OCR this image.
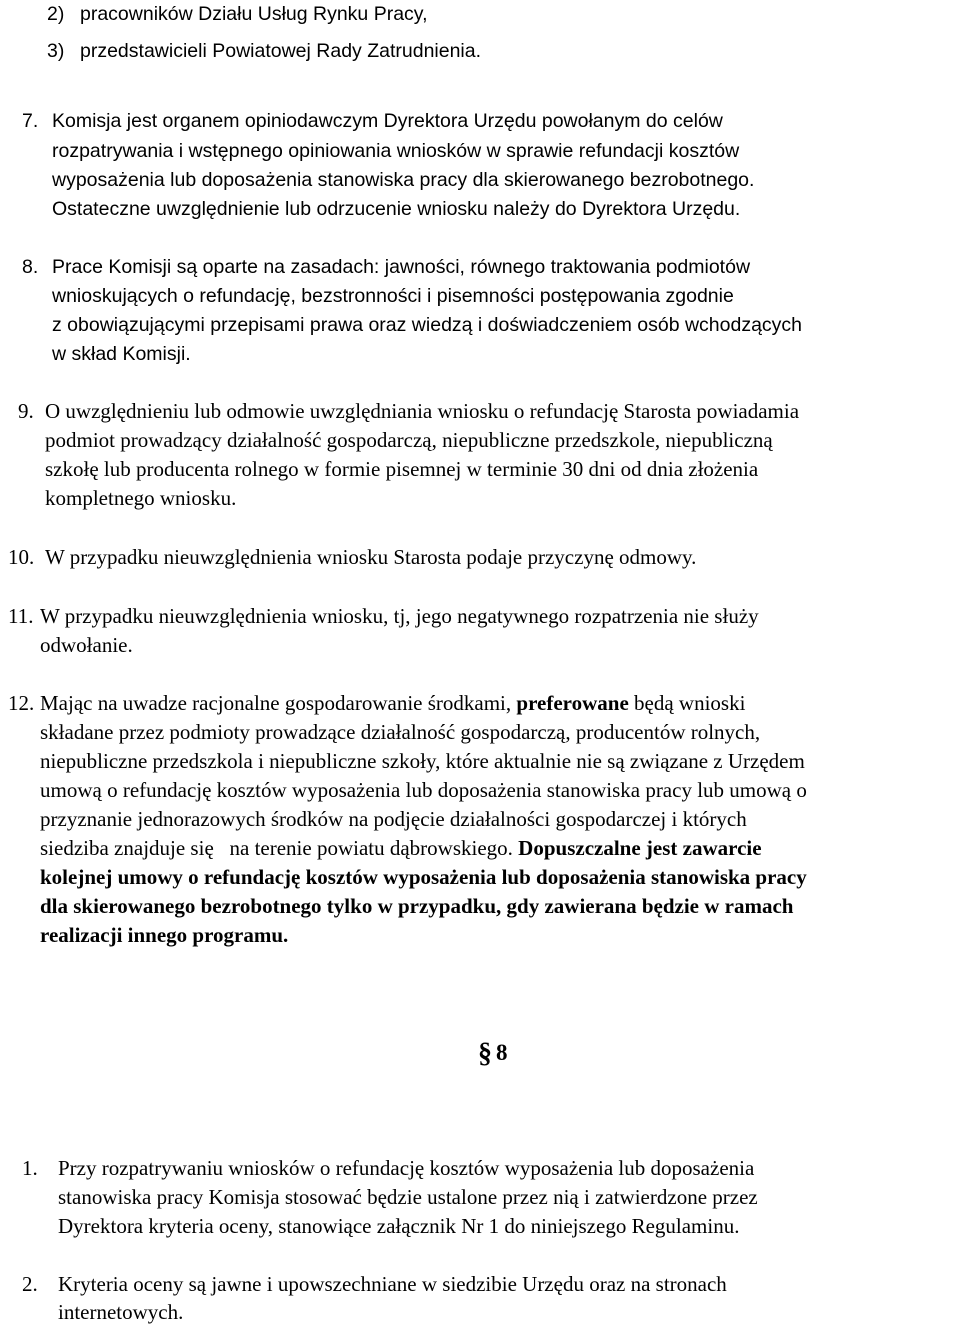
2) pracowników Działu Usług Rynku Pracy,
3) przedstawicieli Powiatowej Rady Zatrudnienia.
7. Komisja jest organem opiniodawczym Dyrektora Urzędu powołanym do celów
rozpatrywania i wstępnego opiniowania wniosków w sprawie refundacji kosztów
wyposażenia lub doposażenia stanowiska pracy dla skierowanego bezrobotnego.
Ostateczne uwzględnienie lub odrzucenie wniosku należy do Dyrektora Urzędu.
8. Prace Komisji są oparte na zasadach: jawności, równego traktowania podmiotów
wnioskujących o refundację, bezstronności i pisemności postępowania zgodnie
z obowiązującymi przepisami prawa oraz wiedzą i doświadczeniem osób wchodzących
w skład Komisji.
9. O uwzględnieniu lub odmowie uwzględniania wniosku o refundację Starosta powiadamia
podmiot prowadzący działalność gospodarczą, niepubliczne przedszkole, niepubliczną
szkołę lub producenta rolnego w formie pisemnej w terminie 30 dni od dnia złożenia
kompletnego wniosku.
10. W przypadku nieuwzględnienia wniosku Starosta podaje przyczynę odmowy.
11. W przypadku nieuwzględnienia wniosku, tj, jego negatywnego rozpatrzenia nie służy
odwołanie.
12. Mając na uwadze racjonalne gospodarowanie środkami, preferowane będą wnioski
składane przez podmioty prowadzące działalność gospodarczą, producentów rolnych,
niepubliczne przedszkola i niepubliczne szkoły, które aktualnie nie są związane z Urzędem
umową o refundację kosztów wyposażenia lub doposażenia stanowiska pracy lub umową o
przyznanie jednorazowych środków na podjęcie działalności gospodarczej i których
siedziba znajduje się   na terenie powiatu dąbrowskiego. Dopuszczalne jest zawarcie
kolejnej umowy o refundację kosztów wyposażenia lub doposażenia stanowiska pracy
dla skierowanego bezrobotnego tylko w przypadku, gdy zawierana będzie w ramach
realizacji innego programu.
§ 8
1. Przy rozpatrywaniu wniosków o refundację kosztów wyposażenia lub doposażenia
stanowiska pracy Komisja stosować będzie ustalone przez nią i zatwierdzone przez
Dyrektora kryteria oceny, stanowiące załącznik Nr 1 do niniejszego Regulaminu.
2. Kryteria oceny są jawne i upowszechniane w siedzibie Urzędu oraz na stronach
internetowych.
